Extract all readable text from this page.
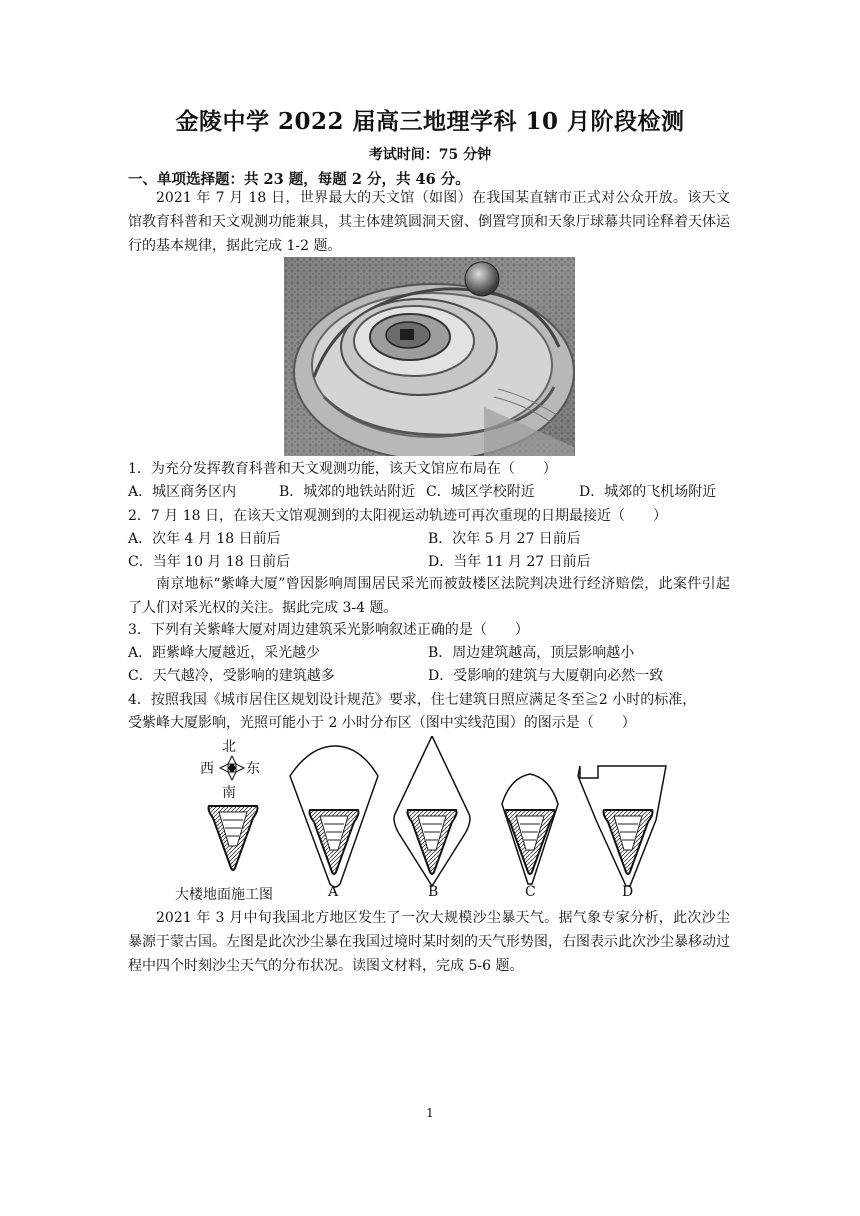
金陵中学 2022 届高三地理学科 10 月阶段检测
考试时间：75 分钟
一、单项选择题：共 23 题，每题 2 分，共 46 分。
2021 年 7 月 18 日，世界最大的天文馆（如图）在我国某直辖市正式对公众开放。该天文馆教育科普和天文观测功能兼具，其主体建筑圆洞天窗、倒置穹顶和天象厅球幕共同诠释着天体运行的基本规律，据此完成 1-2 题。
1．为充分发挥教育科普和天文观测功能，该天文馆应布局在（　　）
A．城区商务区内	B．城郊的地铁站附近 C．城区学校附近	D．城郊的飞机场附近
2．7 月 18 日，在该天文馆观测到的太阳视运动轨迹可再次重现的日期最接近（　　）
A．次年 4 月 18 日前后	B．次年 5 月 27 日前后
C．当年 10 月 18 日前后	D．当年 11 月 27 日前后
南京地标“紫峰大厦”曾因影响周围居民采光而被鼓楼区法院判决进行经济赔偿，此案件引起了人们对采光权的关注。据此完成 3-4 题。
3．下列有关紫峰大厦对周边建筑采光影响叙述正确的是（　　）
A．距紫峰大厦越近，采光越少	B．周边建筑越高，顶层影响越小
C．天气越冷，受影响的建筑越多	D．受影响的建筑与大厦朝向必然一致
4．按照我国《城市居住区规划设计规范》要求，住七建筑日照应满足冬至≧2 小时的标准，
受紫峰大厦影响，光照可能小于 2 小时分布区（图中实线范围）的图示是（　　）
北
西 东
南
大楼地面施工图	A	B	C	D
2021 年 3 月中旬我国北方地区发生了一次大规模沙尘暴天气。据气象专家分析，此次沙尘暴源于蒙古国。左图是此次沙尘暴在我国过境时某时刻的天气形势图，右图表示此次沙尘暴移动过程中四个时刻沙尘天气的分布状况。读图文材料，完成 5-6 题。
1
